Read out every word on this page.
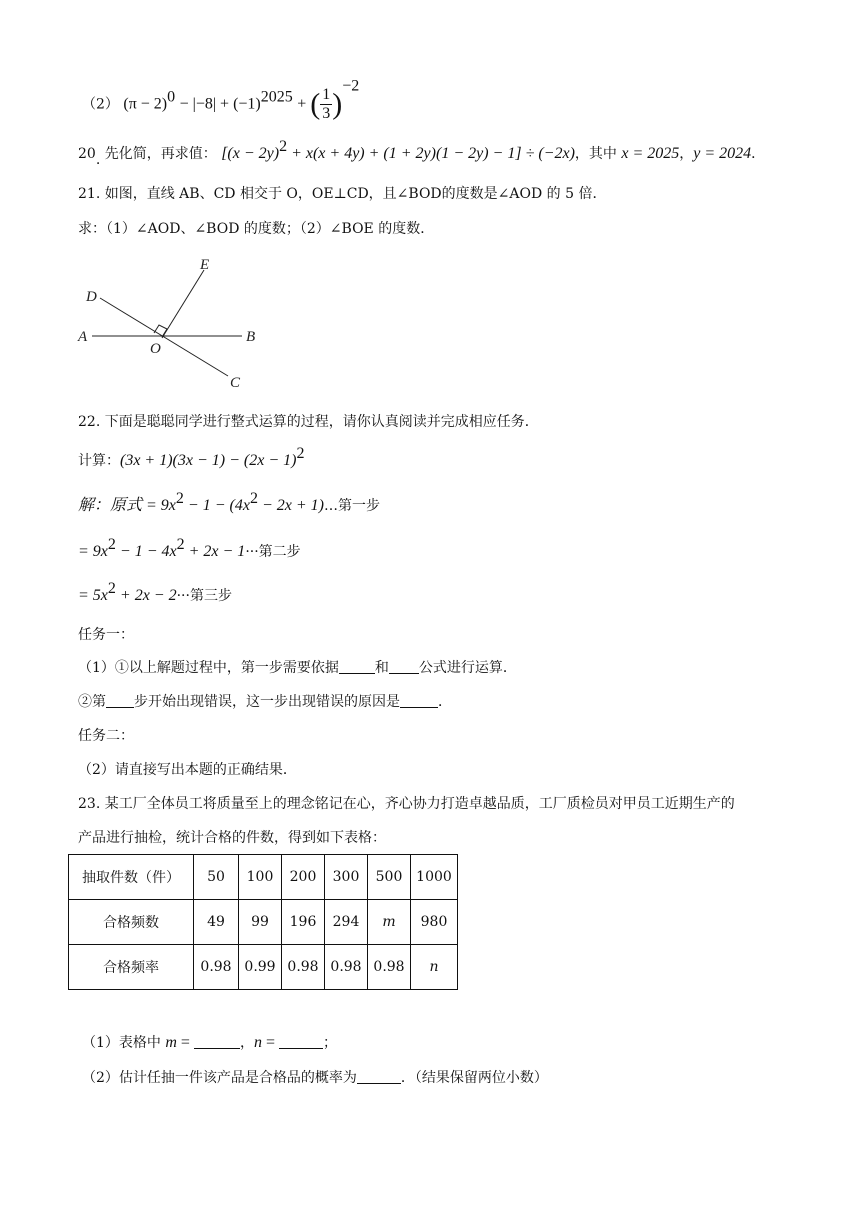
（2） $(\pi - 2)^0 - |-8| + (-1)^{2025}$ + ( $\frac{1}{3} )^{-2}$
20. 先化简，再求值： $[(x - 2y)^2 + x(x + 4y) + (1 + 2y)(1 - 2y) - 1] \div (-2x)$，其中 x = 2025，y = 2024．
21. 如图，直线 AB、CD 相交于 O，OE⊥CD，且∠BOD的度数是∠AOD 的 5 倍．
求：（1）∠AOD、∠BOD 的度数；（2）∠BOE 的度数．
E
D
A
O
B
C
22. 下面是聪聪同学进行整式运算的过程，请你认真阅读并完成相应任务．
计算：$(3x + 1)(3x - 1) - (2x - 1)^2$
解：原式 = $9x^2 - 1 - (4x^2 - 2x$ + 1)…第一步
= $9x^2 - 1 - 4x^2 + 2x - 1\cdot\cdot\cdot$第二步
= $5x^2 + 2x - 2\cdot\cdot\cdot$第三步
任务一：
（1）①以上解题过程中，第一步需要依据	和 公式进行运算．
②第 步开始出现错误，这一步出现错误的原因是	．
任务二：
（2）请直接写出本题的正确结果．
23. 某工厂全体员工将质量至上的理念铭记在心，齐心协力打造卓越品质，工厂质检员对甲员工近期生产的
产品进行抽检，统计合格的件数，得到如下表格：
抽取件数（件）	50	100	200	300	500	1000
合格频数	49	99	196	294	m	980
合格频率	0.98	0.99	0.98	0.98	0.98	n
（1）表格中 m =	，n =	；
（2）估计任抽一件该产品是合格品的概率为	．（结果保留两位小数）
